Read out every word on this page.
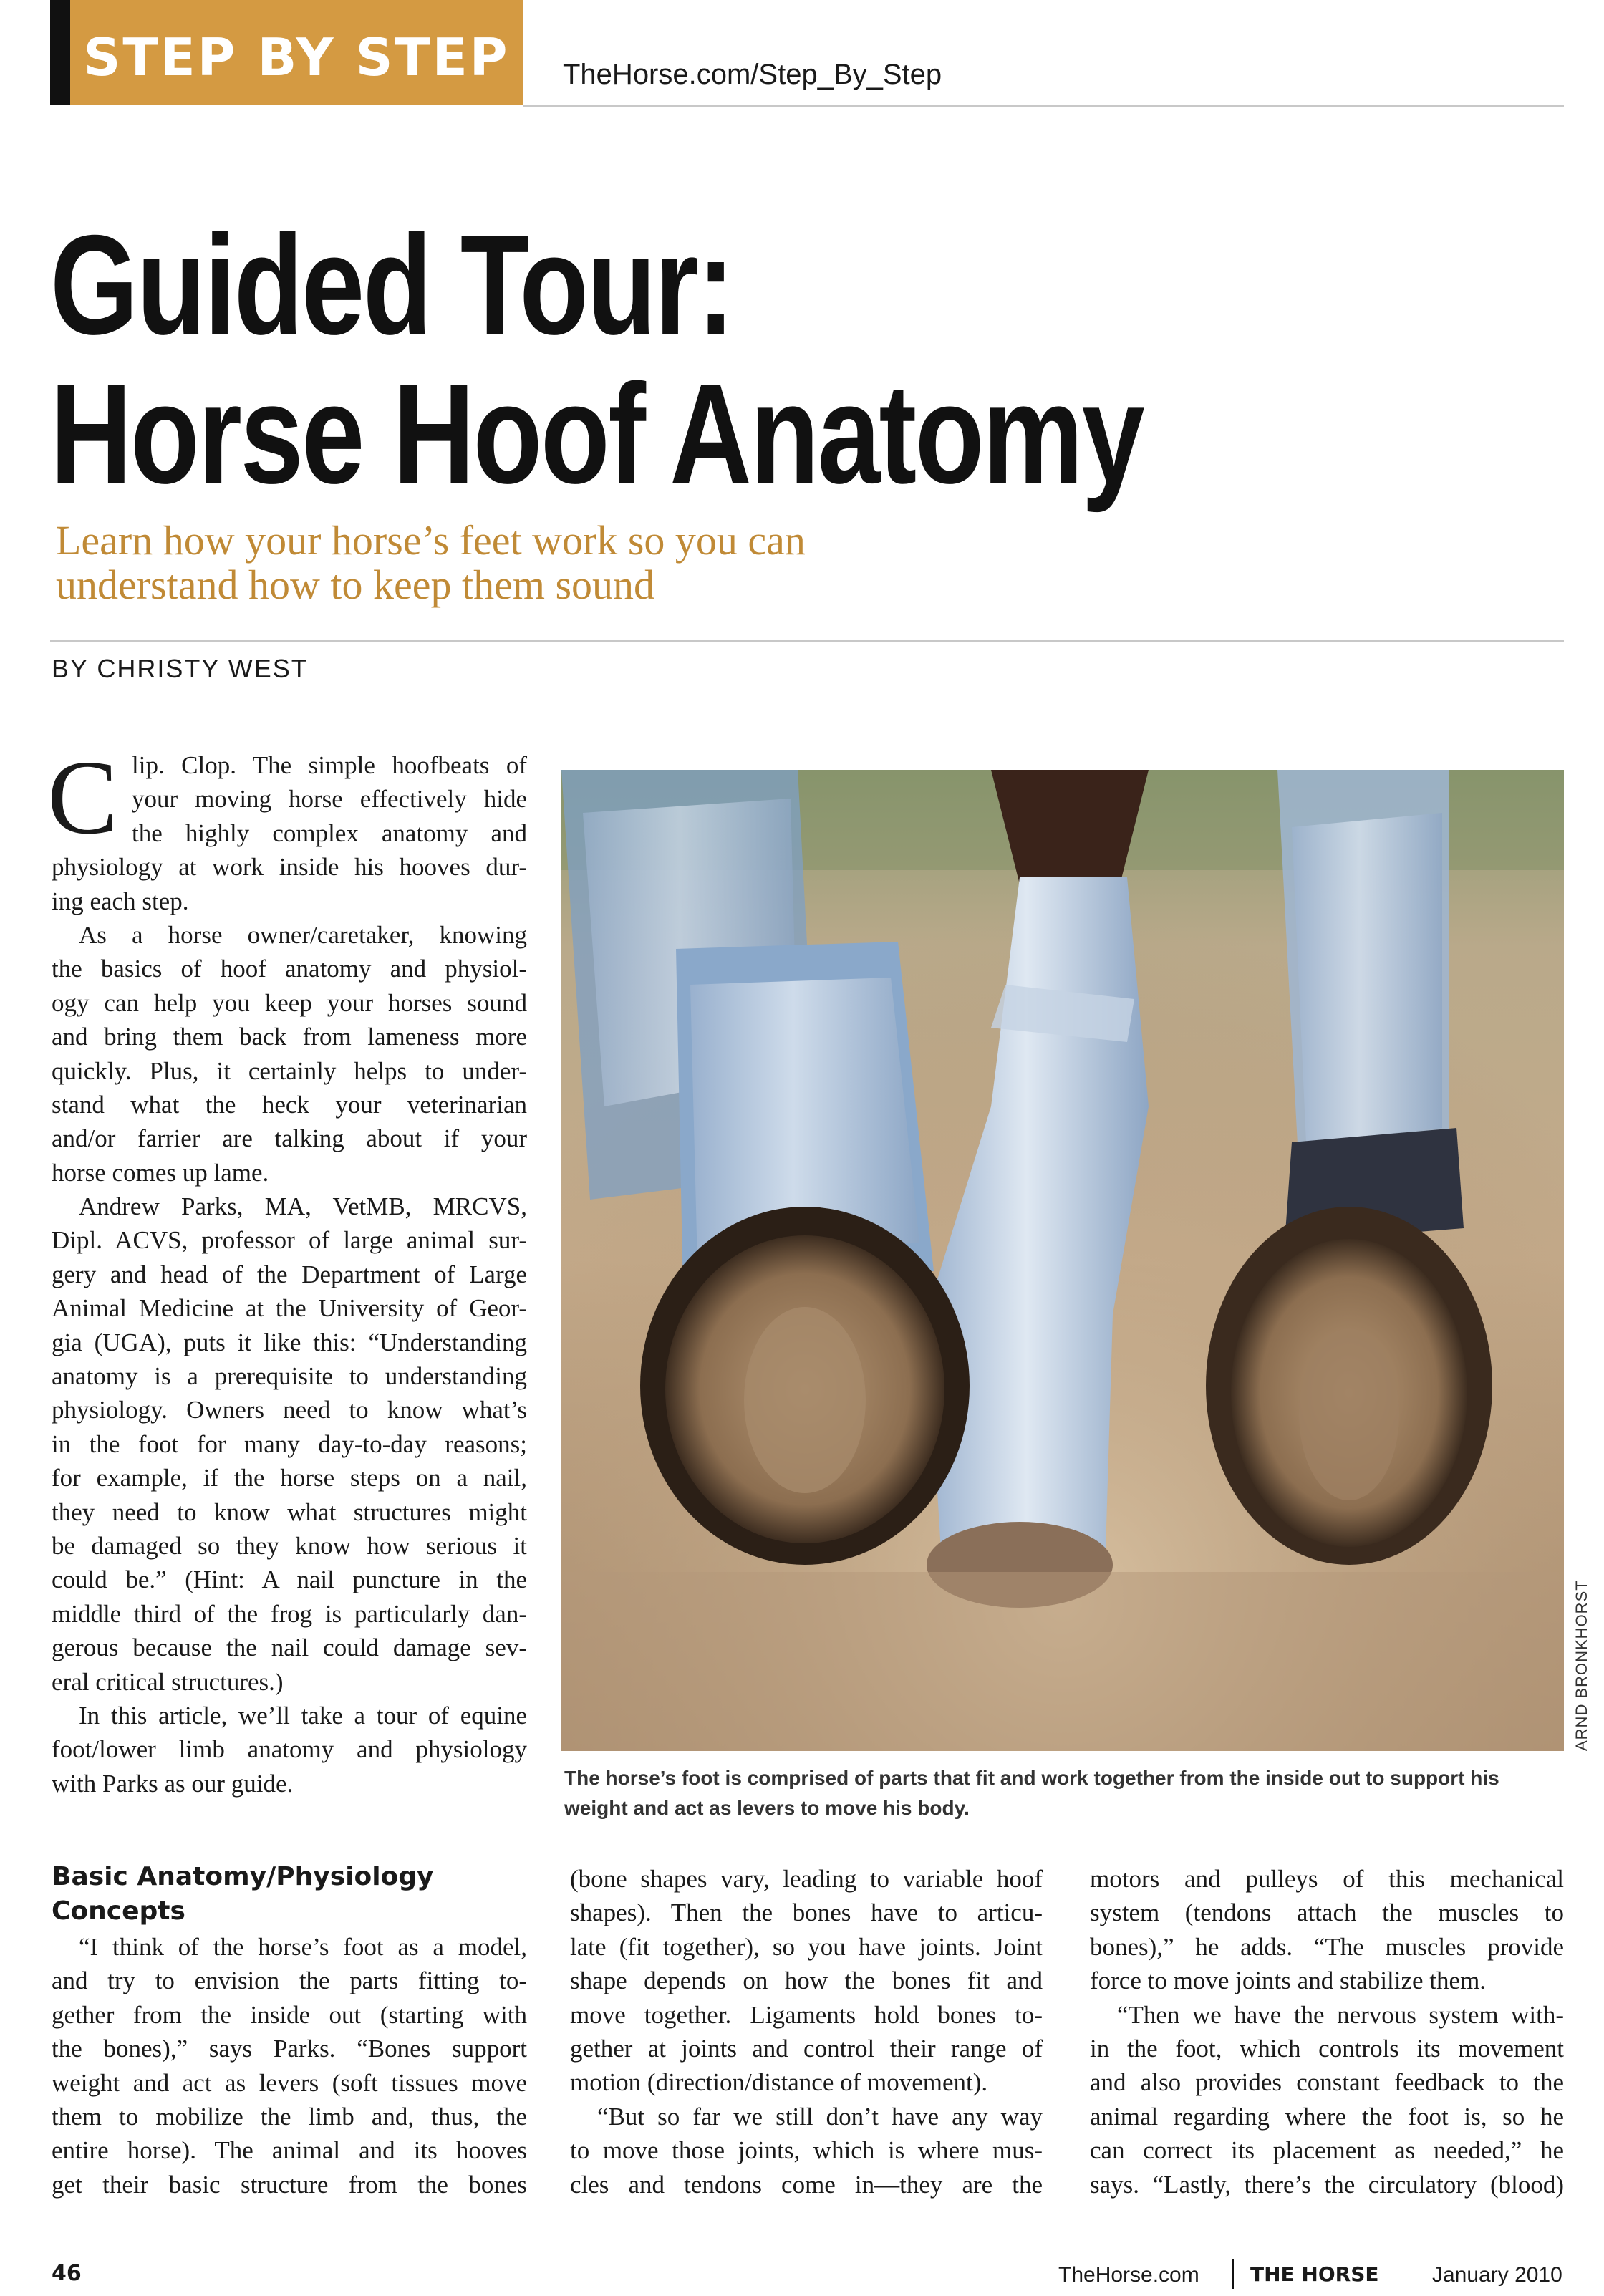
STEP BY STEP	TheHorse.com/Step_By_Step
Guided Tour:
Horse Hoof Anatomy
Learn how your horse’s feet work so you can
understand how to keep them sound
BY CHRISTY WEST
C lip. Clop. The simple hoofbeats of
your moving horse effectively hide
the highly complex anatomy and
physiology at work inside his hooves dur-
ing each step.
As a horse owner/caretaker, knowing
the basics of hoof anatomy and physiol-
ogy can help you keep your horses sound
and bring them back from lameness more
quickly. Plus, it certainly helps to under-
stand what the heck your veterinarian
and/or farrier are talking about if your
horse comes up lame.
Andrew Parks, MA, VetMB, MRCVS,
Dipl. ACVS, professor of large animal sur-
gery and head of the Department of Large
Animal Medicine at the University of Geor-
gia (UGA), puts it like this: “Understanding
anatomy is a prerequisite to understanding
physiology. Owners need to know what’s
in the foot for many day-to-day reasons;
for example, if the horse steps on a nail,
they need to know what structures might
be damaged so they know how serious it
could be.” (Hint: A nail puncture in the
middle third of the frog is particularly dan-
gerous because the nail could damage sev-
eral critical structures.)
In this article, we’ll take a tour of equine
foot/lower limb anatomy and physiology
with Parks as our guide.
ARND BRONKHORST
The horse’s foot is comprised of parts that fit and work together from the inside out to support his
weight and act as levers to move his body.
Basic Anatomy/Physiology
Concepts
“I think of the horse’s foot as a model,
and try to envision the parts fitting to-
gether from the inside out (starting with
the bones),” says Parks. “Bones support
weight and act as levers (soft tissues move
them to mobilize the limb and, thus, the
entire horse). The animal and its hooves
get their basic structure from the bones
(bone shapes vary, leading to variable hoof
shapes). Then the bones have to articu-
late (fit together), so you have joints. Joint
shape depends on how the bones fit and
move together. Ligaments hold bones to-
gether at joints and control their range of
motion (direction/distance of movement).
“But so far we still don’t have any way
to move those joints, which is where mus-
cles and tendons come in—they are the
motors and pulleys of this mechanical
system (tendons attach the muscles to
bones),” he adds. “The muscles provide
force to move joints and stabilize them.
“Then we have the nervous system with-
in the foot, which controls its movement
and also provides constant feedback to the
animal regarding where the foot is, so he
can correct its placement as needed,” he
says. “Lastly, there’s the circulatory (blood)
46	TheHorse.com	THE HORSE January 2010
